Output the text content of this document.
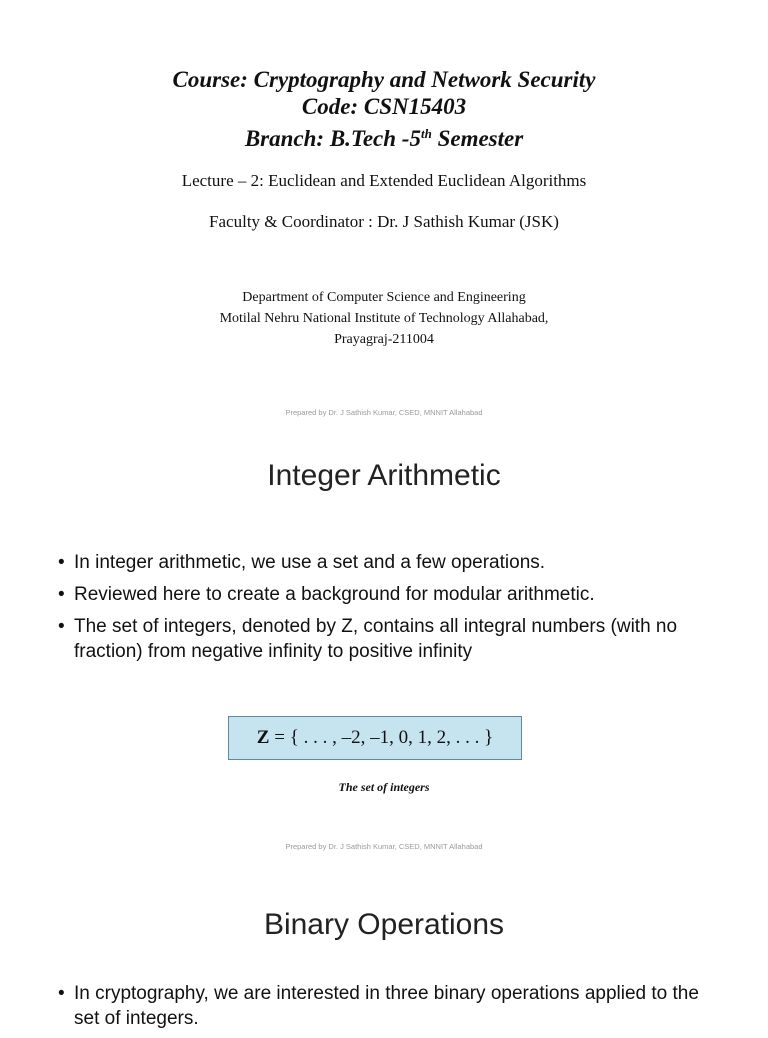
Course: Cryptography and Network Security
Code: CSN15403
Branch: B.Tech -5th Semester
Lecture – 2: Euclidean and Extended Euclidean Algorithms
Faculty & Coordinator : Dr. J Sathish Kumar (JSK)
Department of Computer Science and Engineering
Motilal Nehru National Institute of Technology Allahabad,
Prayagraj-211004
Prepared by Dr. J Sathish Kumar, CSED, MNNIT Allahabad
Integer Arithmetic
• In integer arithmetic, we use a set and a few operations.
• Reviewed here to create a background for modular arithmetic.
• The set of integers, denoted by Z, contains all integral numbers (with no fraction) from negative infinity to positive infinity
Z = { . . . , –2, –1, 0, 1, 2, . . . }
The set of integers
Prepared by Dr. J Sathish Kumar, CSED, MNNIT Allahabad
Binary Operations
• In cryptography, we are interested in three binary operations applied to the set of integers.
